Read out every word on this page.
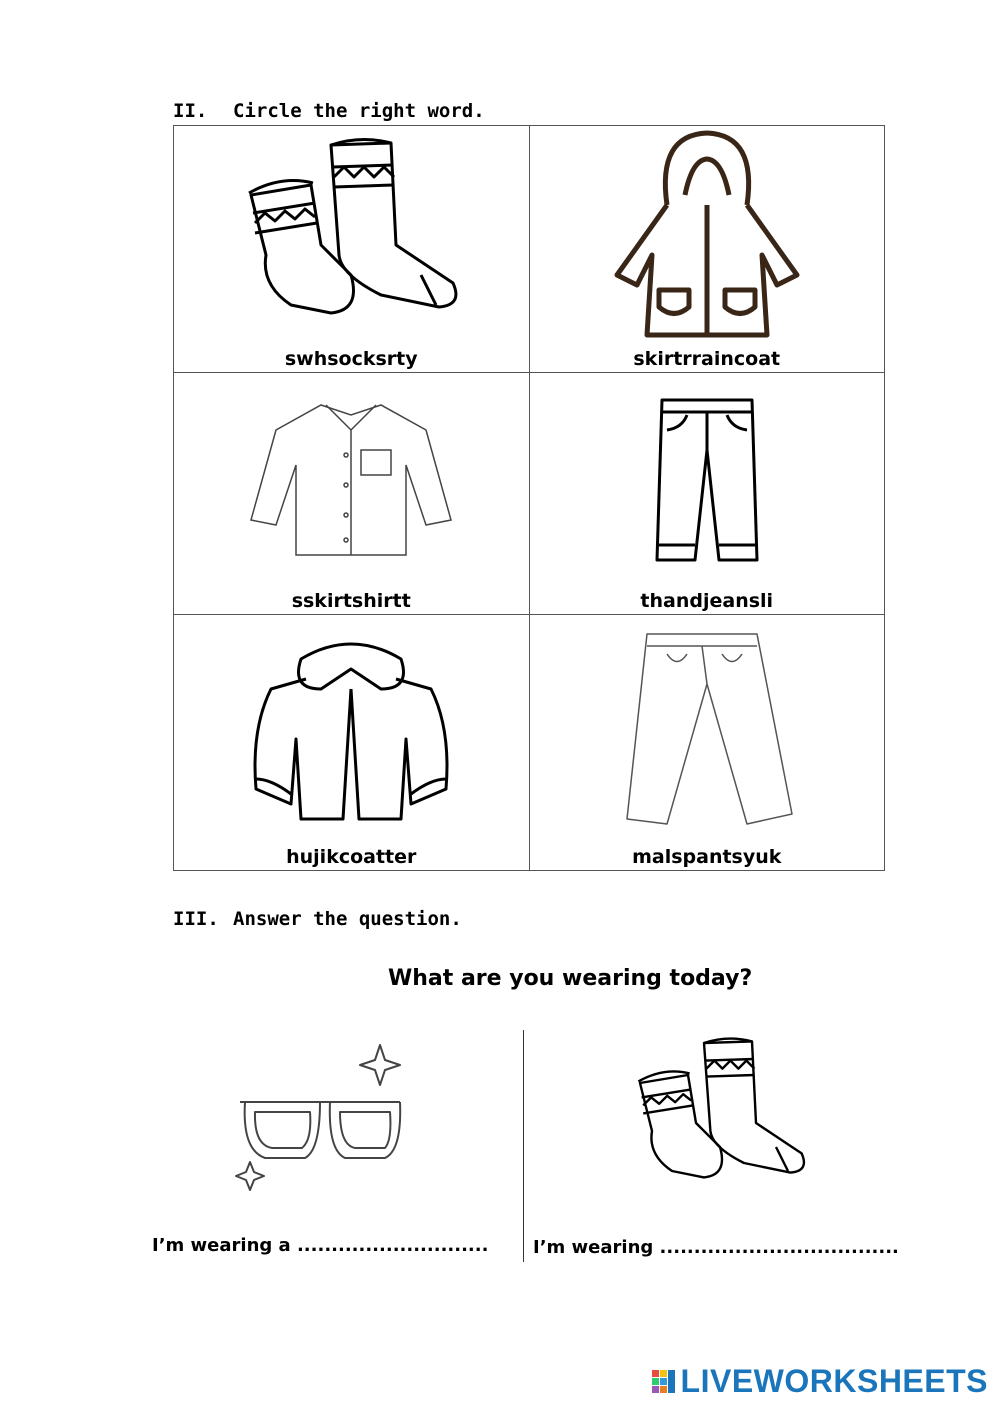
II. Circle the right word.
swhsocksrty	skirtrraincoat

sskirtshirtt	thandjeansli

hujikcoatter	malspantsyuk
III. Answer the question.
What are you wearing today?
I’m wearing a ............................ I’m wearing ...................................
LIVEWORKSHEETS
